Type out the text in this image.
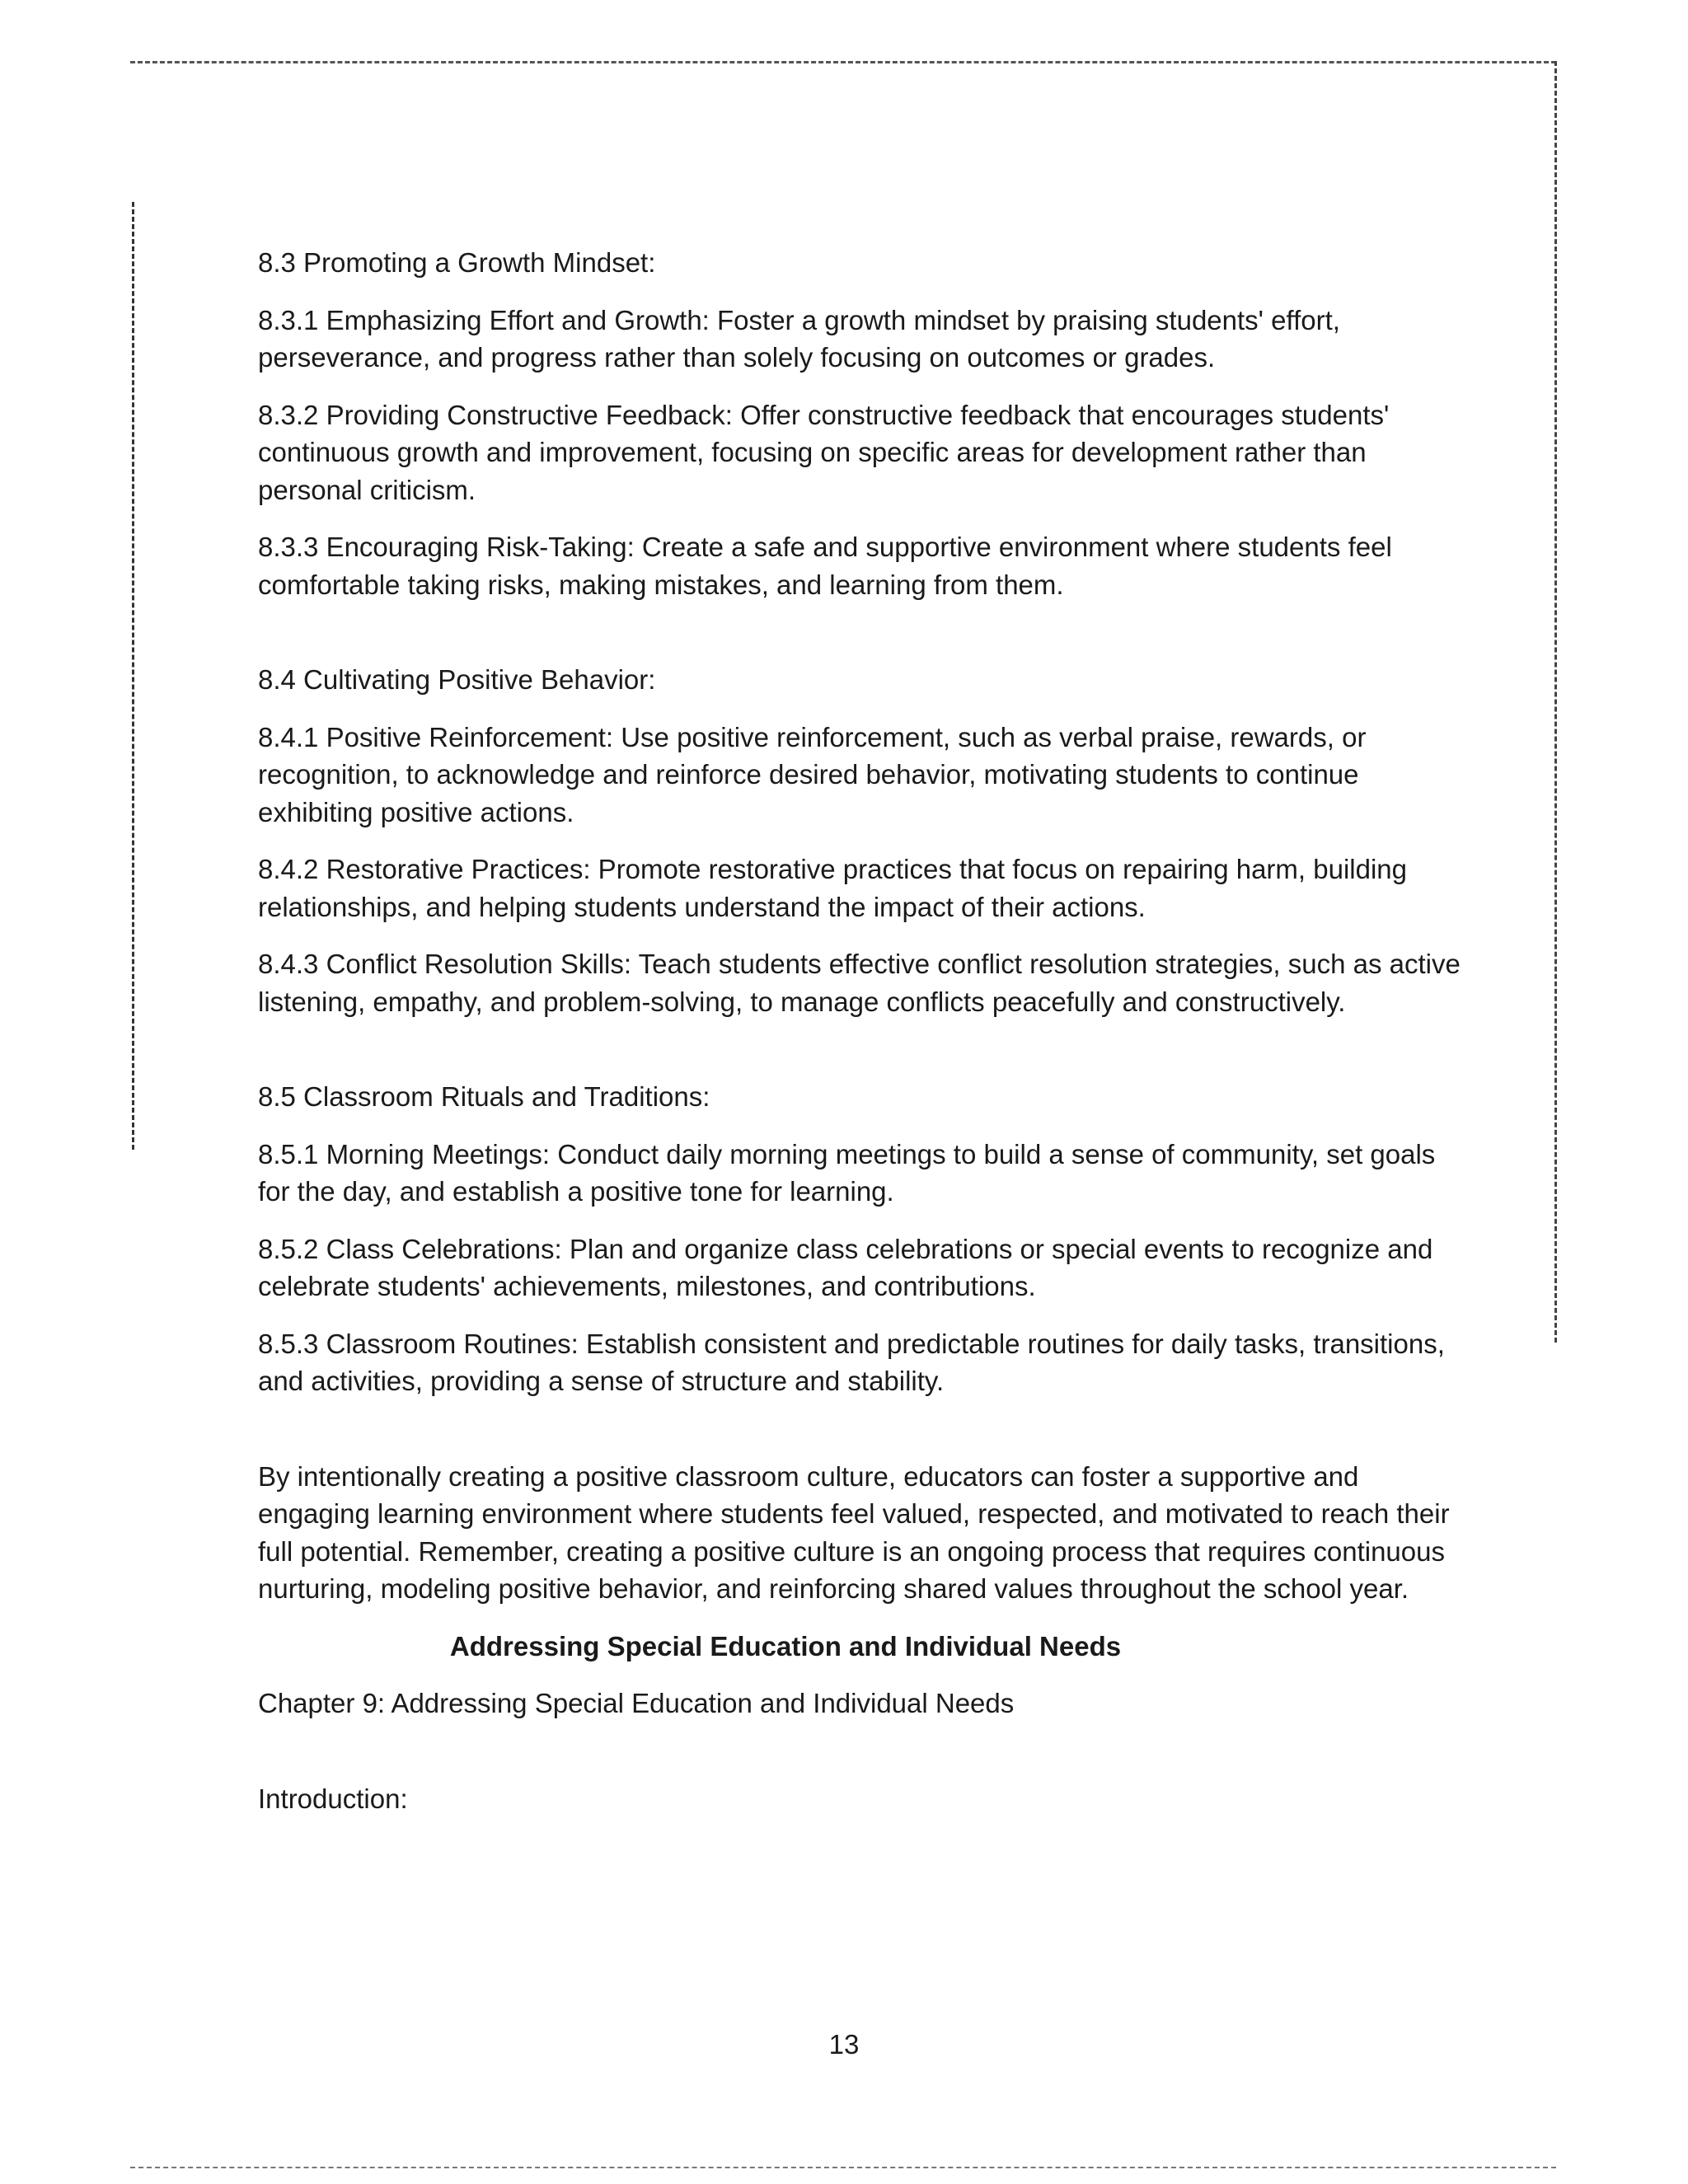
8.3 Promoting a Growth Mindset:

8.3.1 Emphasizing Effort and Growth: Foster a growth mindset by praising students' effort, perseverance, and progress rather than solely focusing on outcomes or grades.

8.3.2 Providing Constructive Feedback: Offer constructive feedback that encourages students' continuous growth and improvement, focusing on specific areas for development rather than personal criticism.

8.3.3 Encouraging Risk-Taking: Create a safe and supportive environment where students feel comfortable taking risks, making mistakes, and learning from them.

8.4 Cultivating Positive Behavior:

8.4.1 Positive Reinforcement: Use positive reinforcement, such as verbal praise, rewards, or recognition, to acknowledge and reinforce desired behavior, motivating students to continue exhibiting positive actions.

8.4.2 Restorative Practices: Promote restorative practices that focus on repairing harm, building relationships, and helping students understand the impact of their actions.

8.4.3 Conflict Resolution Skills: Teach students effective conflict resolution strategies, such as active listening, empathy, and problem-solving, to manage conflicts peacefully and constructively.

8.5 Classroom Rituals and Traditions:

8.5.1 Morning Meetings: Conduct daily morning meetings to build a sense of community, set goals for the day, and establish a positive tone for learning.

8.5.2 Class Celebrations: Plan and organize class celebrations or special events to recognize and celebrate students' achievements, milestones, and contributions.

8.5.3 Classroom Routines: Establish consistent and predictable routines for daily tasks, transitions, and activities, providing a sense of structure and stability.

By intentionally creating a positive classroom culture, educators can foster a supportive and engaging learning environment where students feel valued, respected, and motivated to reach their full potential. Remember, creating a positive culture is an ongoing process that requires continuous nurturing, modeling positive behavior, and reinforcing shared values throughout the school year.

Addressing Special Education and Individual Needs

Chapter 9: Addressing Special Education and Individual Needs

Introduction:

13
